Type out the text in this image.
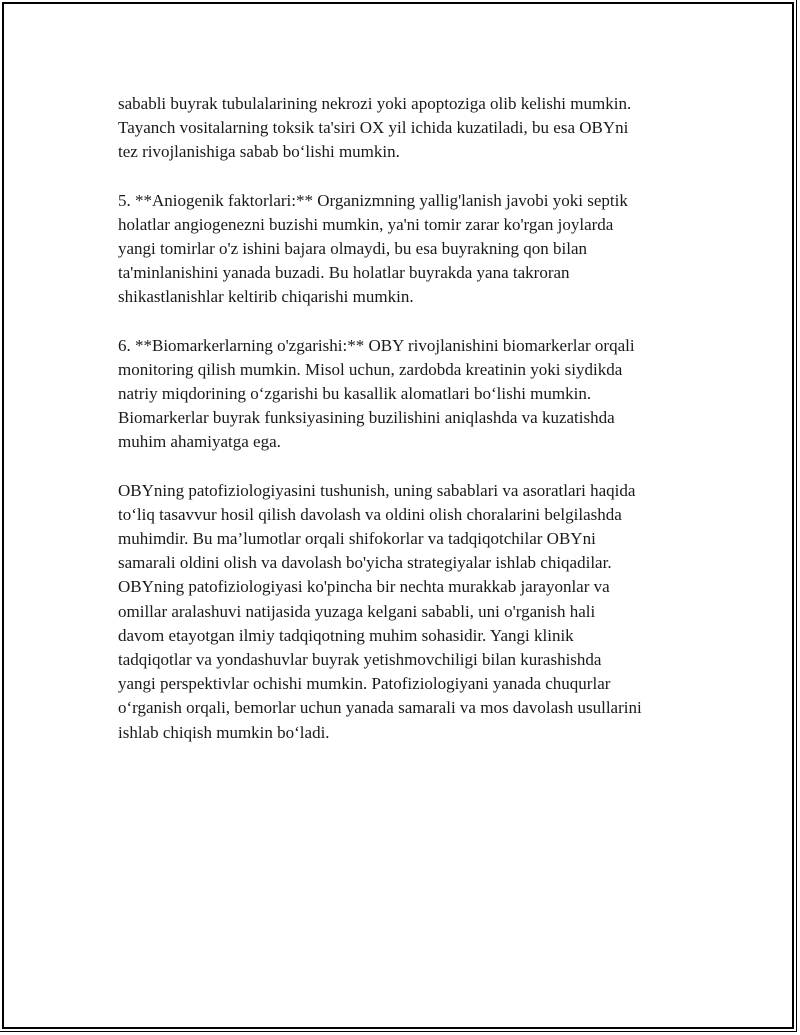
sababli buyrak tubulalarining nekrozi yoki apoptoziga olib kelishi mumkin.
Tayanch vositalarning toksik ta'siri OX yil ichida kuzatiladi, bu esa OBYni
tez rivojlanishiga sabab bo‘lishi mumkin.

5. **Aniogenik faktorlari:** Organizmning yallig'lanish javobi yoki septik
holatlar angiogenezni buzishi mumkin, ya'ni tomir zarar ko'rgan joylarda
yangi tomirlar o'z ishini bajara olmaydi, bu esa buyrakning qon bilan
ta'minlanishini yanada buzadi. Bu holatlar buyrakda yana takroran
shikastlanishlar keltirib chiqarishi mumkin.

6. **Biomarkerlarning o'zgarishi:** OBY rivojlanishini biomarkerlar orqali
monitoring qilish mumkin. Misol uchun, zardobda kreatinin yoki siydikda
natriy miqdorining o‘zgarishi bu kasallik alomatlari bo‘lishi mumkin.
Biomarkerlar buyrak funksiyasining buzilishini aniqlashda va kuzatishda
muhim ahamiyatga ega.

OBYning patofiziologiyasini tushunish, uning sabablari va asoratlari haqida
to‘liq tasavvur hosil qilish davolash va oldini olish choralarini belgilashda
muhimdir. Bu ma’lumotlar orqali shifokorlar va tadqiqotchilar OBYni
samarali oldini olish va davolash bo'yicha strategiyalar ishlab chiqadilar.
OBYning patofiziologiyasi ko'pincha bir nechta murakkab jarayonlar va
omillar aralashuvi natijasida yuzaga kelgani sababli, uni o'rganish hali
davom etayotgan ilmiy tadqiqotning muhim sohasidir. Yangi klinik
tadqiqotlar va yondashuvlar buyrak yetishmovchiligi bilan kurashishda
yangi perspektivlar ochishi mumkin. Patofiziologiyani yanada chuqurlar
o‘rganish orqali, bemorlar uchun yanada samarali va mos davolash usullarini
ishlab chiqish mumkin bo‘ladi.
